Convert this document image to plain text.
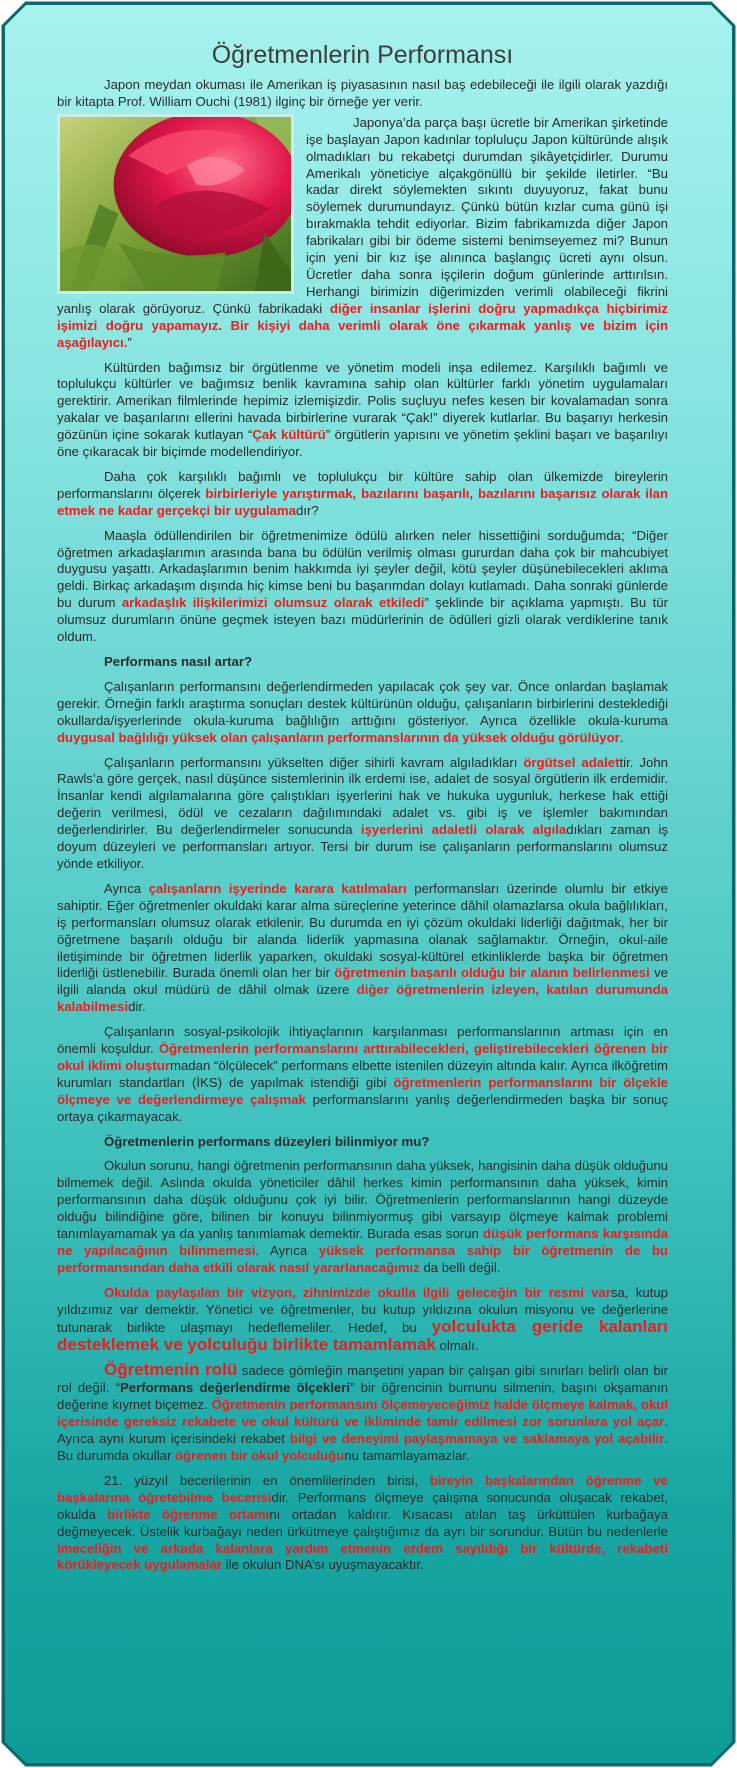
Öğretmenlerin Performansı

Japon meydan okuması ile Amerikan iş piyasasının nasıl baş edebileceği ile ilgili olarak yazdığı bir kitapta Prof. William Ouchi (1981) ilginç bir örneğe yer verir.

Japonya’da parça başı ücretle bir Amerikan şirketinde işe başlayan Japon kadınlar topluluçu Japon kültüründe alışık olmadıkları bu rekabetçi durumdan şikâyetçidirler. Durumu Amerikalı yöneticiye alçakgönüllü bir şekilde iletirler. “Bu kadar direkt söylemekten sıkıntı duyuyoruz, fakat bunu söylemek durumundayız. Çünkü bütün kızlar cuma günü işi bırakmakla tehdit ediyorlar. Bizim fabrikamızda diğer Japon fabrikaları gibi bir ödeme sistemi benimseyemez mi? Bunun için yeni bir kız işe alınınca başlangıç ücreti aynı olsun. Ücretler daha sonra işçilerin doğum günlerinde arttırılsın. Herhangi birimizin diğerimizden verimli olabileceği fikrini yanlış olarak görüyoruz. Çünkü fabrikadaki diğer insanlar işlerini doğru yapmadıkça hiçbirimiz işimizi doğru yapamayız. Bir kişiyi daha verimli olarak öne çıkarmak yanlış ve bizim için aşağılayıcı.”

Kültürden bağımsız bir örgütlenme ve yönetim modeli inşa edilemez. Karşılıklı bağımlı ve toplulukçu kültürler ve bağımsız benlik kavramına sahip olan kültürler farklı yönetim uygulamaları gerektirir. Amerikan filmlerinde hepimiz izlemişizdir. Polis suçluyu nefes kesen bir kovalamadan sonra yakalar ve başarılarını ellerini havada birbirlerine vurarak “Çak!” diyerek kutlarlar. Bu başarıyı herkesin gözünün içine sokarak kutlayan “Çak kültürü” örgütlerin yapısını ve yönetim şeklini başarı ve başarılıyı öne çıkaracak bir biçimde modellendiriyor.

Daha çok karşılıklı bağımlı ve toplulukçu bir kültüre sahip olan ülkemizde bireylerin performanslarını ölçerek birbirleriyle yarıştırmak, bazılarını başarılı, bazılarını başarısız olarak ilan etmek ne kadar gerçekçi bir uygulamadır?

Maaşla ödüllendirilen bir öğretmenimize ödülü alırken neler hissettiğini sorduğumda; “Diğer öğretmen arkadaşlarımın arasında bana bu ödülün verilmiş olması gururdan daha çok bir mahcubiyet duygusu yaşattı. Arkadaşlarımın benim hakkımda iyi şeyler değil, kötü şeyler düşünebilecekleri aklıma geldi. Birkaç arkadaşım dışında hiç kimse beni bu başarımdan dolayı kutlamadı. Daha sonraki günlerde bu durum arkadaşlık ilişkilerimizi olumsuz olarak etkiledi” şeklinde bir açıklama yapmıştı. Bu tür olumsuz durumların önüne geçmek isteyen bazı müdürlerinin de ödülleri gizli olarak verdiklerine tanık oldum.

Performans nasıl artar?

Çalışanların performansını değerlendirmeden yapılacak çok şey var. Önce onlardan başlamak gerekir. Örneğin farklı araştırma sonuçları destek kültürünün olduğu, çalışanların birbirlerini desteklediği okullarda/işyerlerinde okula-kuruma bağlılığın arttığını gösteriyor. Ayrıca özellikle okula-kuruma duygusal bağlılığı yüksek olan çalışanların performanslarının da yüksek olduğu görülüyor.

Çalışanların performansını yükselten diğer sihirli kavram algıladıkları örgütsel adalettir. John Rawls’a göre gerçek, nasıl düşünce sistemlerinin ilk erdemi ise, adalet de sosyal örgütlerin ilk erdemidir. İnsanlar kendi algılamalarına göre çalıştıkları işyerlerini hak ve hukuka uygunluk, herkese hak ettiği değerin verilmesi, ödül ve cezaların dağılımındaki adalet vs. gibi iş ve işlemler bakımından değerlendirirler. Bu değerlendirmeler sonucunda işyerlerini adaletli olarak algıladıkları zaman iş doyum düzeyleri ve performansları artıyor. Tersi bir durum ise çalışanların performanslarını olumsuz yönde etkiliyor.

Ayrıca çalışanların işyerinde karara katılmaları performansları üzerinde olumlu bir etkiye sahiptir. Eğer öğretmenler okuldaki karar alma süreçlerine yeterince dâhil olamazlarsa okula bağlılıkları, iş performansları olumsuz olarak etkilenir. Bu durumda en iyi çözüm okuldaki liderliği dağıtmak, her bir öğretmene başarılı olduğu bir alanda liderlik yapmasına olanak sağlamaktır. Örneğin, okul-aile iletişiminde bir öğretmen liderlik yaparken, okuldaki sosyal-kültürel etkinliklerde başka bir öğretmen liderliği üstlenebilir. Burada önemli olan her bir öğretmenin başarılı olduğu bir alanın belirlenmesi ve ilgili alanda okul müdürü de dâhil olmak üzere diğer öğretmenlerin izleyen, katılan durumunda kalabilmesidir.

Çalışanların sosyal-psikolojik ihtiyaçlarının karşılanması performanslarının artması için en önemli koşuldur. Öğretmenlerin performanslarını arttırabilecekleri, geliştirebilecekleri öğrenen bir okul iklimi oluşturmadan “ölçülecek” performans elbette istenilen düzeyin altında kalır. Ayrıca ilköğretim kurumları standartları (İKS) de yapılmak istendiği gibi öğretmenlerin performanslarını bir ölçekle ölçmeye ve değerlendirmeye çalışmak performanslarını yanlış değerlendirmeden başka bir sonuç ortaya çıkarmayacak.

Öğretmenlerin performans düzeyleri bilinmiyor mu?

Okulun sorunu, hangi öğretmenin performansının daha yüksek, hangisinin daha düşük olduğunu bilmemek değil. Aslında okulda yöneticiler dâhil herkes kimin performansının daha yüksek, kimin performansının daha düşük olduğunu çok iyi bilir. Öğretmenlerin performanslarının hangi düzeyde olduğu bilindiğine göre, bilinen bir konuyu bilinmiyormuş gibi varsayıp ölçmeye kalmak problemi tanımlayamamak ya da yanlış tanımlamak demektir. Burada esas sorun düşük performans karşısında ne yapılacağının bilinmemesi. Ayrıca yüksek performansa sahip bir öğretmenin de bu performansından daha etkili olarak nasıl yararlanacağımız da belli değil.

Okulda paylaşılan bir vizyon, zihnimizde okulla ilgili geleceğin bir resmi varsa, kutup yıldızımız var demektir. Yönetici ve öğretmenler, bu kutup yıldızına okulun misyonu ve değerlerine tutunarak birlikte ulaşmayı hedeflemeliler. Hedef, bu yolculukta geride kalanları desteklemek ve yolculuğu birlikte tamamlamak olmalı.

Öğretmenin rolü sadece gömleğin manşetini yapan bir çalışan gibi sınırları belirli olan bir rol değil. “Performans değerlendirme ölçekleri” bir öğrencinin burnunu silmenin, başını okşamanın değerine kıymet biçemez. Öğretmenin performansını ölçemeyeceğimiz halde ölçmeye kalmak, okul içerisinde gereksiz rekabete ve okul kültürü ve ikliminde tamir edilmesi zor sorunlara yol açar. Ayrıca aynı kurum içerisindeki rekabet bilgi ve deneyimi paylaşmamaya ve saklamaya yol açabilir. Bu durumda okullar öğrenen bir okul yolculuğunu tamamlayamazlar.

21. yüzyıl becerilerinin en önemlilerinden birisi, bireyin başkalarından öğrenme ve başkalarına öğretebilme becerisidir. Performans ölçmeye çalışma sonucunda oluşacak rekabet, okulda birlikte öğrenme ortamını ortadan kaldırır. Kısacası atılan taş ürküttülen kurbağaya değmeyecek. Üstelik kurbağayı neden ürkütmeye çalıştığımız da ayrı bir sorundur. Bütün bu nedenlerle imeceliğin ve arkada kalanlara yardım etmenin erdem sayıldığı bir kültürde, rekabeti körükleyecek uygulamalar ile okulun DNA’sı uyuşmayacaktır.
